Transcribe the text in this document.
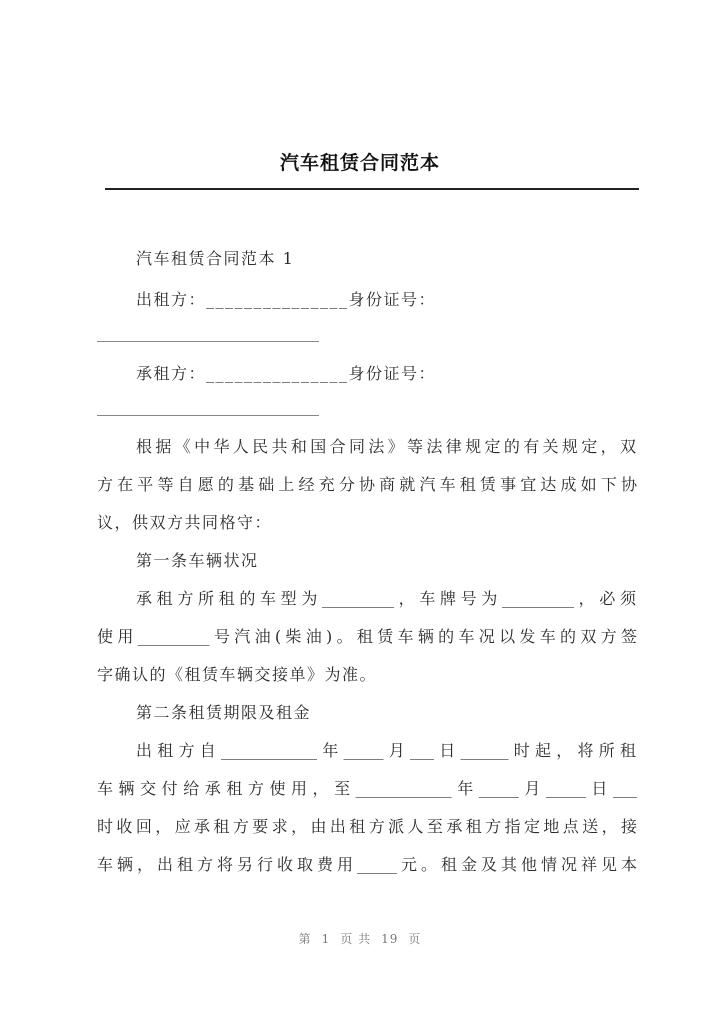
汽车租赁合同范本
汽车租赁合同范本 1
出租方：_______________身份证号：
承租方：_______________身份证号：
根据《中华人民共和国合同法》等法律规定的有关规定，双
方在平等自愿的基础上经充分协商就汽车租赁事宜达成如下协
议，供双方共同格守：
第一条车辆状况
承租方所租的车型为_________，车牌号为_________，必须
使用_________号汽油(柴油)。租赁车辆的车况以发车的双方签
字确认的《租赁车辆交接单》为准。
第二条租赁期限及租金
出租方自____________年_____月___日______时起，将所租
车辆交付给承租方使用，至____________年_____月_____日___
时收回，应承租方要求，由出租方派人至承租方指定地点送，接
车辆，出租方将另行收取费用_____元。租金及其他情况祥见本
第 1 页 共 19 页
